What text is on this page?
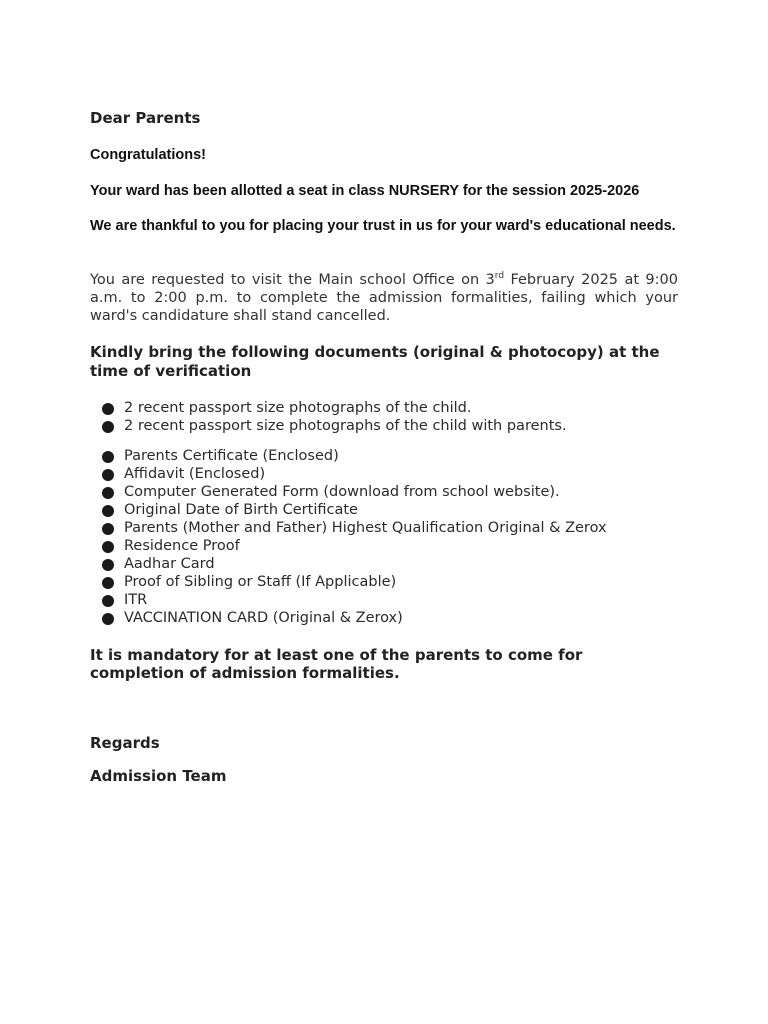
Dear Parents

Congratulations!

Your ward has been allotted a seat in class NURSERY for the session 2025-2026

We are thankful to you for placing your trust in us for your ward's educational needs.

You are requested to visit the Main school Office on 3rd February 2025 at 9:00 a.m. to 2:00 p.m. to complete the admission formalities, failing which your ward's candidature shall stand cancelled.

Kindly bring the following documents (original & photocopy) at the time of verification

2 recent passport size photographs of the child.
2 recent passport size photographs of the child with parents.
Parents Certificate (Enclosed)
Affidavit (Enclosed)
Computer Generated Form (download from school website).
Original Date of Birth Certificate
Parents (Mother and Father) Highest Qualification Original & Zerox
Residence Proof
Aadhar Card
Proof of Sibling or Staff (If Applicable)
ITR
VACCINATION CARD (Original & Zerox)

It is mandatory for at least one of the parents to come for completion of admission formalities.

Regards

Admission Team
